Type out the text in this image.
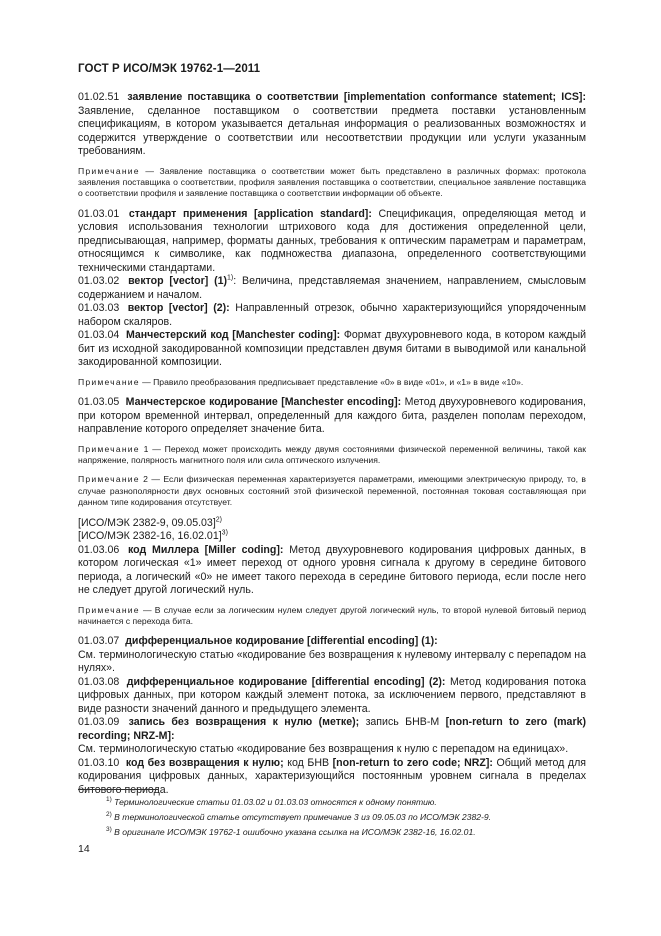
ГОСТ Р ИСО/МЭК 19762-1—2011

01.02.51 заявление поставщика о соответствии [implementation conformance statement; ICS]: Заявление, сделанное поставщиком о соответствии предмета поставки установленным спецификациям, в котором указывается детальная информация о реализованных возможностях и содержится утверждение о соответствии или несоответствии продукции или услуги указанным требованиям.

Примечание — Заявление поставщика о соответствии может быть представлено в различных формах: протокола заявления поставщика о соответствии, профиля заявления поставщика о соответствии, специальное заявление поставщика о соответствии профиля и заявление поставщика о соответствии информации об объекте.

01.03.01 стандарт применения [application standard]: Спецификация, определяющая метод и условия использования технологии штрихового кода для достижения определенной цели, предписывающая, например, форматы данных, требования к оптическим параметрам и параметрам, относящимся к символике, как подмножества диапазона, определенного соответствующими техническими стандартами.

01.03.02 вектор [vector] $(1)^{1)}$: Величина, представляемая значением, направлением, смысловым содержанием и началом.

01.03.03 вектор [vector] (2): Направленный отрезок, обычно характеризующийся упорядоченным набором скаляров.

01.03.04 Манчестерский код [Manchester coding]: Формат двухуровневого кода, в котором каждый бит из исходной закодированной композиции представлен двумя битами в выводимой или канальной закодированной композиции.

Примечание — Правило преобразования предписывает представление «0» в виде «01», и «1» в виде «10».

01.03.05 Манчестерское кодирование [Manchester encoding]: Метод двухуровневого кодирования, при котором временной интервал, определенный для каждого бита, разделен пополам переходом, направление которого определяет значение бита.

Примечание 1 — Переход может происходить между двумя состояниями физической переменной величины, такой как напряжение, полярность магнитного поля или сила оптического излучения.

Примечание 2 — Если физическая переменная характеризуется параметрами, имеющими электрическую природу, то, в случае разнополярности двух основных состояний этой физической переменной, постоянная токовая составляющая при данном типе кодирования отсутствует.

[ИСО/МЭК 2382-9, 09.05.03]$^{2)}$

[ИСО/МЭК 2382-16, 16.02.01]$^{3)}$

01.03.06 код Миллера [Miller coding]: Метод двухуровневого кодирования цифровых данных, в котором логическая «1» имеет переход от одного уровня сигнала к другому в середине битового периода, а логический «0» не имеет такого перехода в середине битового периода, если после него не следует другой логический нуль.

Примечание — В случае если за логическим нулем следует другой логический нуль, то второй нулевой битовый период начинается с перехода бита.

01.03.07 дифференциальное кодирование [differential encoding] (1):
См. терминологическую статью «кодирование без возвращения к нулевому интервалу с перепадом на нулях».

01.03.08 дифференциальное кодирование [differential encoding] (2): Метод кодирования потока цифровых данных, при котором каждый элемент потока, за исключением первого, представляют в виде разности значений данного и предыдущего элемента.

01.03.09 запись без возвращения к нулю (метке); запись БНВ-М [non-return to zero (mark) recording; NRZ-M]:
См. терминологическую статью «кодирование без возвращения к нулю с перепадом на единицах».

01.03.10 код без возвращения к нулю; код БНВ [non-return to zero code; NRZ]: Общий метод для кодирования цифровых данных, характеризующийся постоянным уровнем сигнала в пределах битового периода.

$^{1)}$ Терминологические статьи 01.03.02 и 01.03.03 относятся к одному понятию.

$^{2)}$ В терминологической статье отсутствует примечание 3 из 09.05.03 по ИСО/МЭК 2382-9.

$^{3)}$ В оригинале ИСО/МЭК 19762-1 ошибочно указана ссылка на ИСО/МЭК 2382-16, 16.02.01.

14
